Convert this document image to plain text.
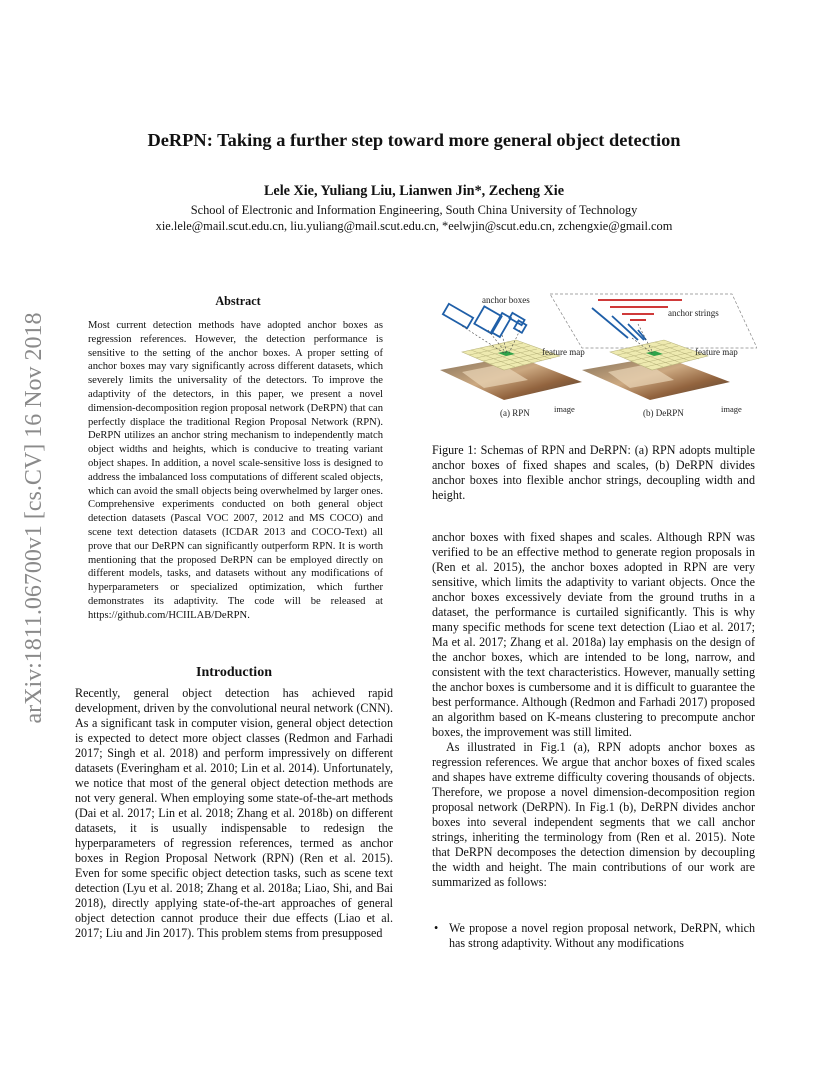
arXiv:1811.06700v1 [cs.CV] 16 Nov 2018
DeRPN: Taking a further step toward more general object detection
Lele Xie, Yuliang Liu, Lianwen Jin*, Zecheng Xie
School of Electronic and Information Engineering, South China University of Technology
xie.lele@mail.scut.edu.cn, liu.yuliang@mail.scut.edu.cn, *eelwjin@scut.edu.cn, zchengxie@gmail.com
Abstract
Most current detection methods have adopted anchor boxes as regression references. However, the detection performance is sensitive to the setting of the anchor boxes. A proper setting of anchor boxes may vary significantly across different datasets, which severely limits the universality of the detectors. To improve the adaptivity of the detectors, in this paper, we present a novel dimension-decomposition region proposal network (DeRPN) that can perfectly displace the traditional Region Proposal Network (RPN). DeRPN utilizes an anchor string mechanism to independently match object widths and heights, which is conducive to treating variant object shapes. In addition, a novel scale-sensitive loss is designed to address the imbalanced loss computations of different scaled objects, which can avoid the small objects being overwhelmed by larger ones. Comprehensive experiments conducted on both general object detection datasets (Pascal VOC 2007, 2012 and MS COCO) and scene text detection datasets (ICDAR 2013 and COCO-Text) all prove that our DeRPN can significantly outperform RPN. It is worth mentioning that the proposed DeRPN can be employed directly on different models, tasks, and datasets without any modifications of hyperparameters or specialized optimization, which further demonstrates its adaptivity. The code will be released at https://github.com/HCIILAB/DeRPN.
Introduction
Recently, general object detection has achieved rapid development, driven by the convolutional neural network (CNN). As a significant task in computer vision, general object detection is expected to detect more object classes (Redmon and Farhadi 2017; Singh et al. 2018) and perform impressively on different datasets (Everingham et al. 2010; Lin et al. 2014). Unfortunately, we notice that most of the general object detection methods are not very general. When employing some state-of-the-art methods (Dai et al. 2017; Lin et al. 2018; Zhang et al. 2018b) on different datasets, it is usually indispensable to redesign the hyperparameters of regression references, termed as anchor boxes in Region Proposal Network (RPN) (Ren et al. 2015). Even for some specific object detection tasks, such as scene text detection (Lyu et al. 2018; Zhang et al. 2018a; Liao, Shi, and Bai 2018), directly applying state-of-the-art approaches of general object detection cannot produce their due effects (Liao et al. 2017; Liu and Jin 2017). This problem stems from presupposed
anchor boxes
feature map
image
(a) RPN
anchor strings
feature map
image
(b) DeRPN
Figure 1: Schemas of RPN and DeRPN: (a) RPN adopts multiple anchor boxes of fixed shapes and scales, (b) DeRPN divides anchor boxes into flexible anchor strings, decoupling width and height.

anchor boxes with fixed shapes and scales. Although RPN was verified to be an effective method to generate region proposals in (Ren et al. 2015), the anchor boxes adopted in RPN are very sensitive, which limits the adaptivity to variant objects. Once the anchor boxes excessively deviate from the ground truths in a dataset, the performance is curtailed significantly. This is why many specific methods for scene text detection (Liao et al. 2017; Ma et al. 2017; Zhang et al. 2018a) lay emphasis on the design of the anchor boxes, which are intended to be long, narrow, and consistent with the text characteristics. However, manually setting the anchor boxes is cumbersome and it is difficult to guarantee the best performance. Although (Redmon and Farhadi 2017) proposed an algorithm based on K-means clustering to precompute anchor boxes, the improvement was still limited.

As illustrated in Fig.1 (a), RPN adopts anchor boxes as regression references. We argue that anchor boxes of fixed scales and shapes have extreme difficulty covering thousands of objects. Therefore, we propose a novel dimension-decomposition region proposal network (DeRPN). In Fig.1 (b), DeRPN divides anchor boxes into several independent segments that we call anchor strings, inheriting the terminology from (Ren et al. 2015). Note that DeRPN decomposes the detection dimension by decoupling the width and height. The main contributions of our work are summarized as follows:

• We propose a novel region proposal network, DeRPN, which has strong adaptivity. Without any modifications
